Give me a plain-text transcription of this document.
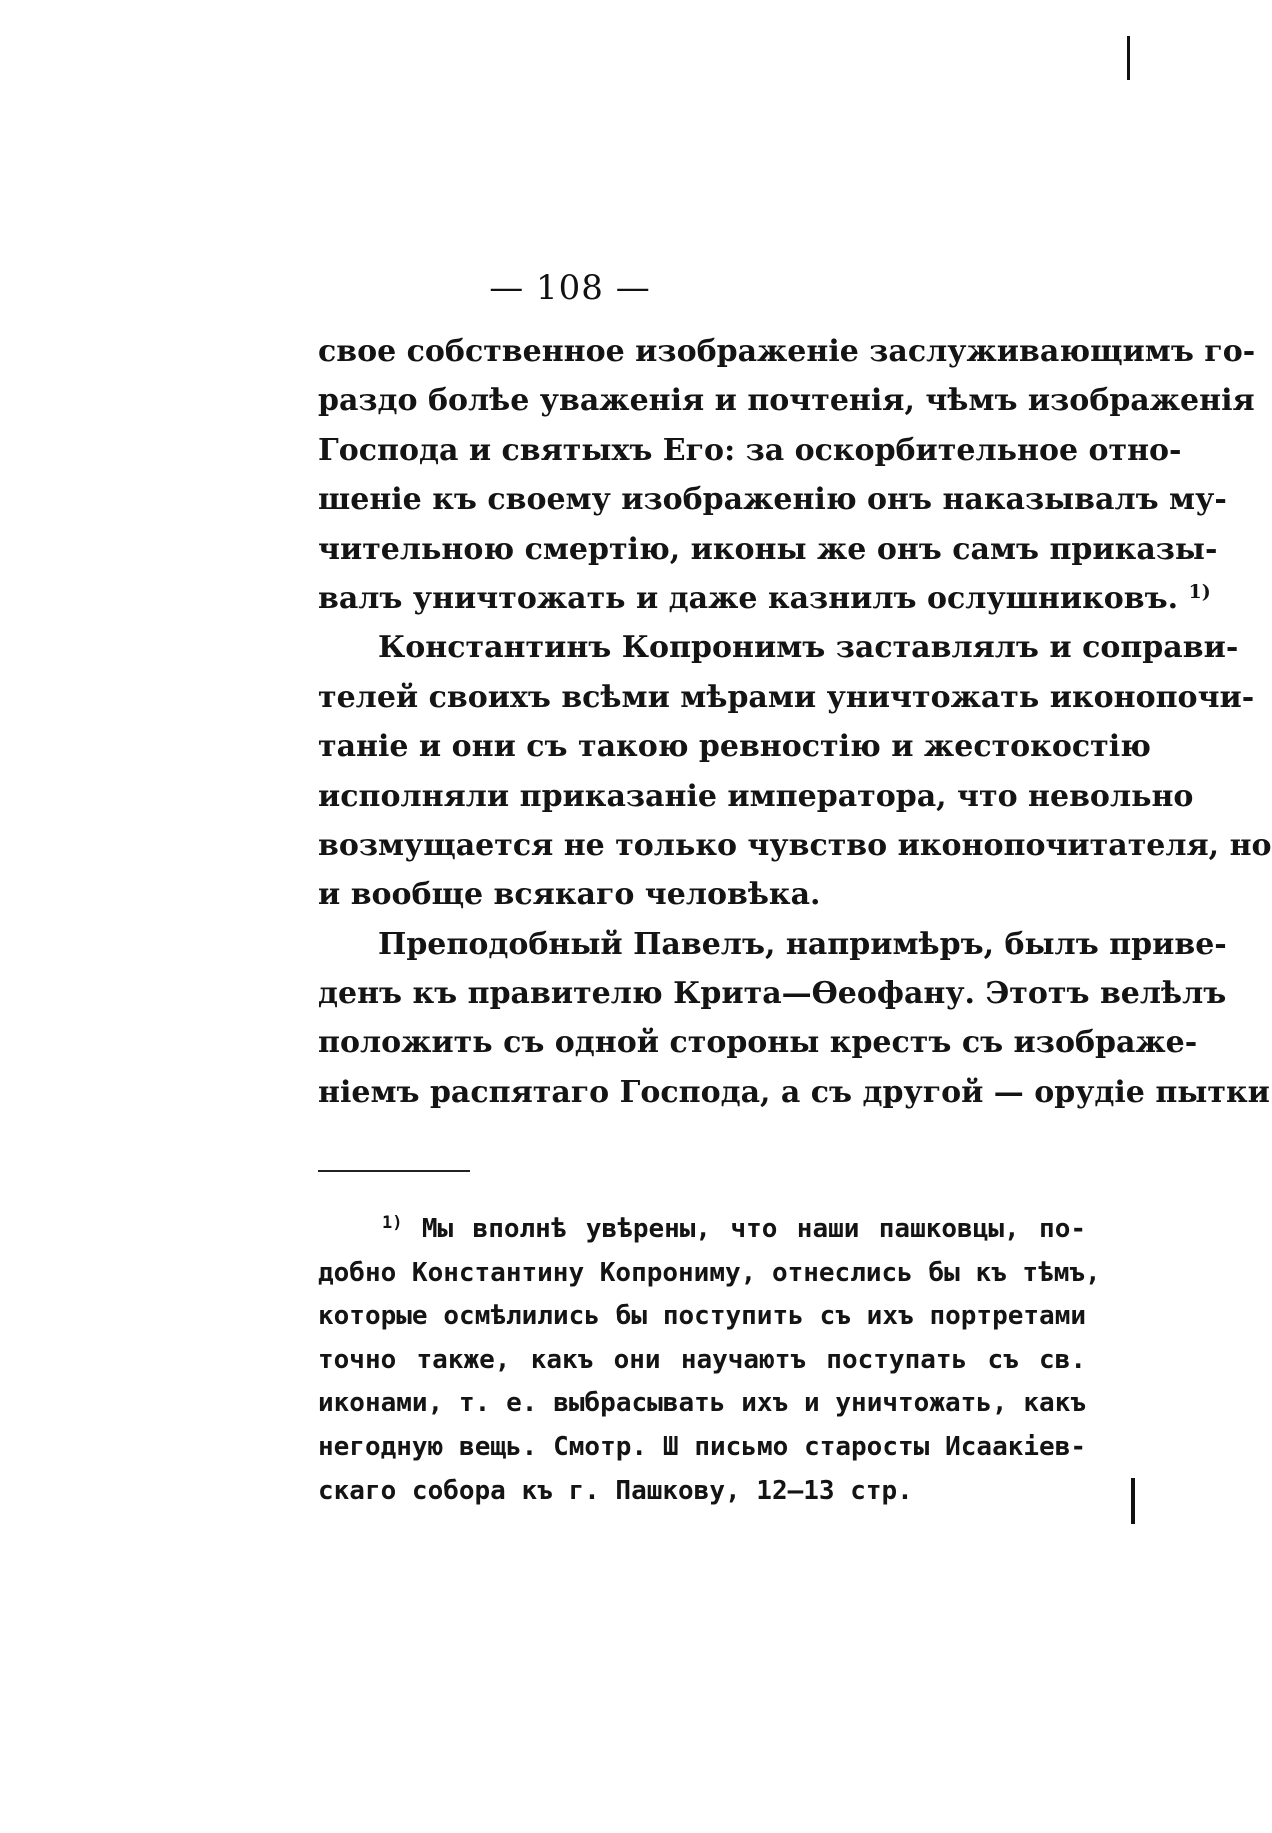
— 108 —
свое собственное изображеніе заслуживающимъ го-
раздо болѣе уваженія и почтенія, чѣмъ изображенія
Господа и святыхъ Его: за оскорбительное отно-
шеніе къ своему изображенію онъ наказывалъ му-
чительною смертію, иконы же онъ самъ приказы-
валъ уничтожать и даже казнилъ ослушниковъ. $^{1)}$
Константинъ Копронимъ заставлялъ и соправи-
телей своихъ всѣми мѣрами уничтожать иконопочи-
таніе и они съ такою ревностію и жестокостію
исполняли приказаніе императора, что невольно
возмущается не только чувство иконопочитателя, но
и вообще всякаго человѣка.
Преподобный Павелъ, напримѣръ, былъ приве-
денъ къ правителю Крита—Ѳеофану. Этотъ велѣлъ
положить съ одной стороны крестъ съ изображе-
ніемъ распятаго Господа, а съ другой — орудіе пытки
$^{1)}$ Мы вполнѣ увѣрены, что наши пашковцы, по-
добно Константину Копрониму, отнеслись бы къ тѣмъ,
которые осмѣлились бы поступить съ ихъ портретами
точно также, какъ они научаютъ поступать съ св.
иконами, т. е. выбрасывать ихъ и уничтожать, какъ
негодную вещь. Смотр. Ш письмо старосты Исаакіев-
скаго собора къ г. Пашкову, 12—13 стр.
